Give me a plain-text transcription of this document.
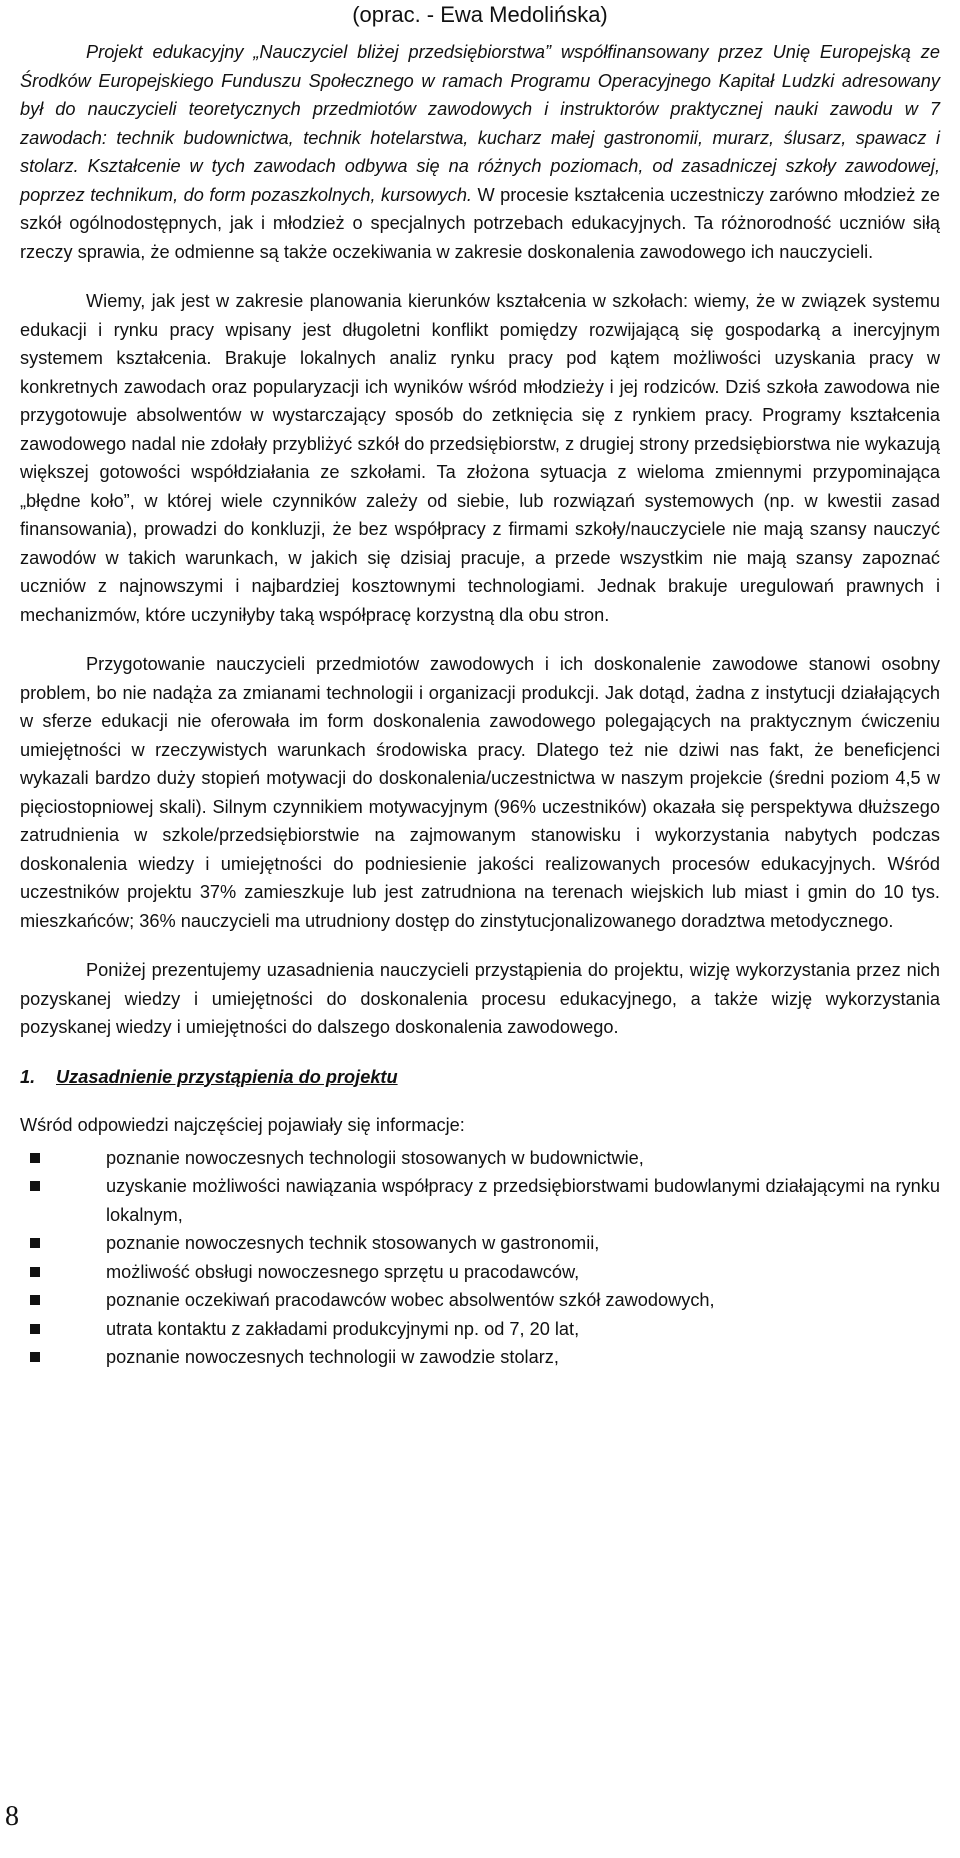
(oprac. - Ewa Medolińska)

Projekt edukacyjny „Nauczyciel bliżej przedsiębiorstwa” współfinansowany przez Unię Europejską ze Środków Europejskiego Funduszu Społecznego w ramach Programu Operacyjnego Kapitał Ludzki adresowany był do nauczycieli teoretycznych przedmiotów zawodowych i instruktorów praktycznej nauki zawodu w 7 zawodach: technik budownictwa, technik hotelarstwa, kucharz małej gastronomii, murarz, ślusarz, spawacz i stolarz. Kształcenie w tych zawodach odbywa się na różnych poziomach, od zasadniczej szkoły zawodowej, poprzez technikum, do form pozaszkolnych, kursowych. W procesie kształcenia uczestniczy zarówno młodzież ze szkół ogólnodostępnych, jak i młodzież o specjalnych potrzebach edukacyjnych. Ta różnorodność uczniów siłą rzeczy sprawia, że odmienne są także oczekiwania w zakresie doskonalenia zawodowego ich nauczycieli.

Wiemy, jak jest w zakresie planowania kierunków kształcenia w szkołach: wiemy, że w związek systemu edukacji i rynku pracy wpisany jest długoletni konflikt pomiędzy rozwijającą się gospodarką a inercyjnym systemem kształcenia. Brakuje lokalnych analiz rynku pracy pod kątem możliwości uzyskania pracy w konkretnych zawodach oraz popularyzacji ich wyników wśród młodzieży i jej rodziców. Dziś szkoła zawodowa nie przygotowuje absolwentów w wystarczający sposób do zetknięcia się z rynkiem pracy. Programy kształcenia zawodowego nadal nie zdołały przybliżyć szkół do przedsiębiorstw, z drugiej strony przedsiębiorstwa nie wykazują większej gotowości współdziałania ze szkołami. Ta złożona sytuacja z wieloma zmiennymi przypominająca „błędne koło”, w której wiele czynników zależy od siebie, lub rozwiązań systemowych (np. w kwestii zasad finansowania), prowadzi do konkluzji, że bez współpracy z firmami szkoły/nauczyciele nie mają szansy nauczyć zawodów w takich warunkach, w jakich się dzisiaj pracuje, a przede wszystkim nie mają szansy zapoznać uczniów z najnowszymi i najbardziej kosztownymi technologiami. Jednak brakuje uregulowań prawnych i mechanizmów, które uczyniłyby taką współpracę korzystną dla obu stron.

Przygotowanie nauczycieli przedmiotów zawodowych i ich doskonalenie zawodowe stanowi osobny problem, bo nie nadąża za zmianami technologii i organizacji produkcji. Jak dotąd, żadna z instytucji działających w sferze edukacji nie oferowała im form doskonalenia zawodowego polegających na praktycznym ćwiczeniu umiejętności w rzeczywistych warunkach środowiska pracy. Dlatego też nie dziwi nas fakt, że beneficjenci wykazali bardzo duży stopień motywacji do doskonalenia/uczestnictwa w naszym projekcie (średni poziom 4,5 w pięciostopniowej skali). Silnym czynnikiem motywacyjnym (96% uczestników) okazała się perspektywa dłuższego zatrudnienia w szkole/przedsiębiorstwie na zajmowanym stanowisku i wykorzystania nabytych podczas doskonalenia wiedzy i umiejętności do podniesienie jakości realizowanych procesów edukacyjnych. Wśród uczestników projektu 37% zamieszkuje lub jest zatrudniona na terenach wiejskich lub miast i gmin do 10 tys. mieszkańców; 36% nauczycieli ma utrudniony dostęp do zinstytucjonalizowanego doradztwa metodycznego.

Poniżej prezentujemy uzasadnienia nauczycieli przystąpienia do projektu, wizję wykorzystania przez nich pozyskanej wiedzy i umiejętności do doskonalenia procesu edukacyjnego, a także wizję wykorzystania pozyskanej wiedzy i umiejętności do dalszego doskonalenia zawodowego.

1. Uzasadnienie przystąpienia do projektu
Wśród odpowiedzi najczęściej pojawiały się informacje:
poznanie nowoczesnych technologii stosowanych w budownictwie,
uzyskanie możliwości nawiązania współpracy z przedsiębiorstwami budowlanymi działającymi na rynku lokalnym,
poznanie nowoczesnych technik stosowanych w gastronomii,
możliwość obsługi nowoczesnego sprzętu u pracodawców,
poznanie oczekiwań pracodawców wobec absolwentów szkół zawodowych,
utrata kontaktu z zakładami produkcyjnymi np. od 7, 20 lat,
poznanie nowoczesnych technologii w zawodzie stolarz,
8
